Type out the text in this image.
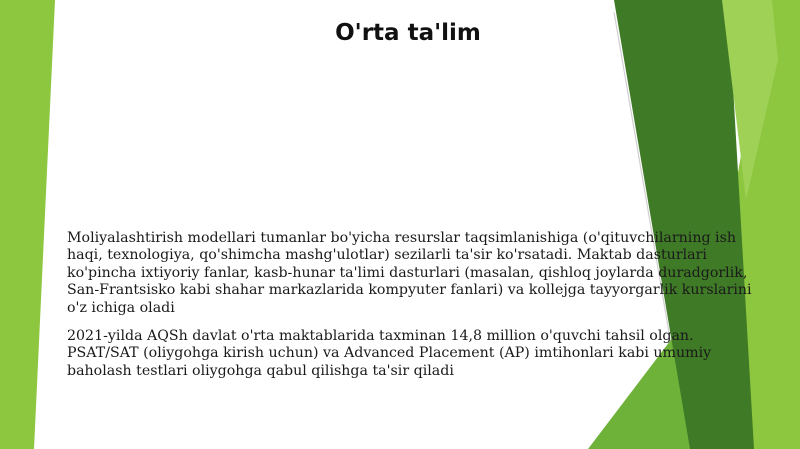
O'rta ta'lim

Moliyalashtirish modellari tumanlar bo'yicha resurslar taqsimlanishiga (o'qituvchilarning ish haqi, texnologiya, qo'shimcha mashg'ulotlar) sezilarli ta'sir ko'rsatadi. Maktab dasturlari ko'pincha ixtiyoriy fanlar, kasb-hunar ta'limi dasturlari (masalan, qishloq joylarda duradgorlik, San-Frantsisko kabi shahar markazlarida kompyuter fanlari) va kollejga tayyorgarlik kurslarini o'z ichiga oladi

2021-yilda AQSh davlat o'rta maktablarida taxminan 14,8 million o'quvchi tahsil olgan. PSAT/SAT (oliygohga kirish uchun) va Advanced Placement (AP) imtihonlari kabi umumiy baholash testlari oliygohga qabul qilishga ta'sir qiladi
